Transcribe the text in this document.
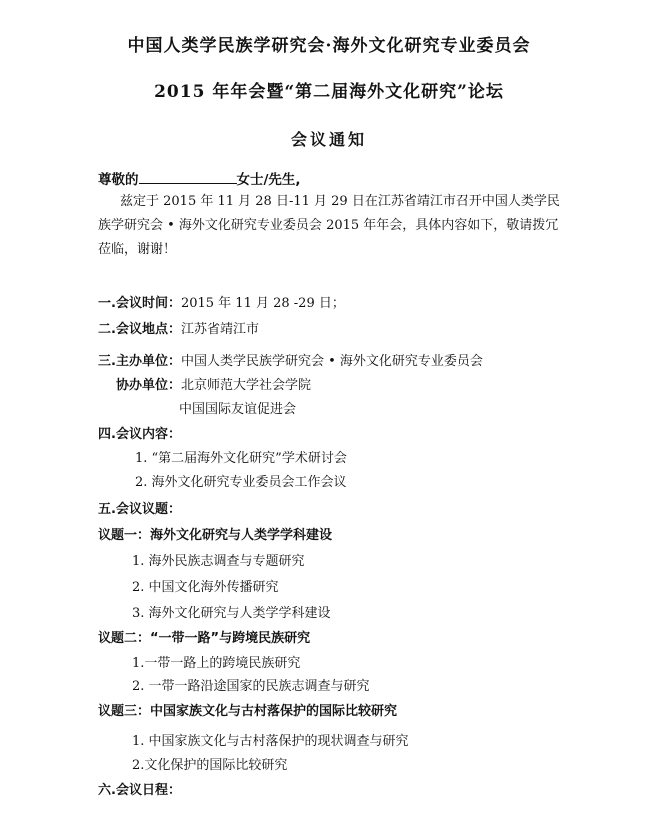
中国人类学民族学研究会·海外文化研究专业委员会
2015 年年会暨“第二届海外文化研究”论坛
会议通知
尊敬的	女士/先生,
兹定于 2015 年 11 月 28 日-11 月 29 日在江苏省靖江市召开中国人类学民
族学研究会 • 海外文化研究专业委员会 2015 年年会，具体内容如下，敬请拨冗
莅临，谢谢！
一.会议时间：2015 年 11 月 28 -29 日；
二.会议地点：江苏省靖江市
三.主办单位：中国人类学民族学研究会 • 海外文化研究专业委员会
协办单位：北京师范大学社会学院
中国国际友谊促进会
四.会议内容：
1. “第二届海外文化研究”学术研讨会
2. 海外文化研究专业委员会工作会议
五.会议议题：
议题一：海外文化研究与人类学学科建设
1. 海外民族志调查与专题研究
2. 中国文化海外传播研究
3. 海外文化研究与人类学学科建设
议题二：“一带一路”与跨境民族研究
1.一带一路上的跨境民族研究
2. 一带一路沿途国家的民族志调查与研究
议题三：中国家族文化与古村落保护的国际比较研究
1. 中国家族文化与古村落保护的现状调查与研究
2.文化保护的国际比较研究
六.会议日程：
